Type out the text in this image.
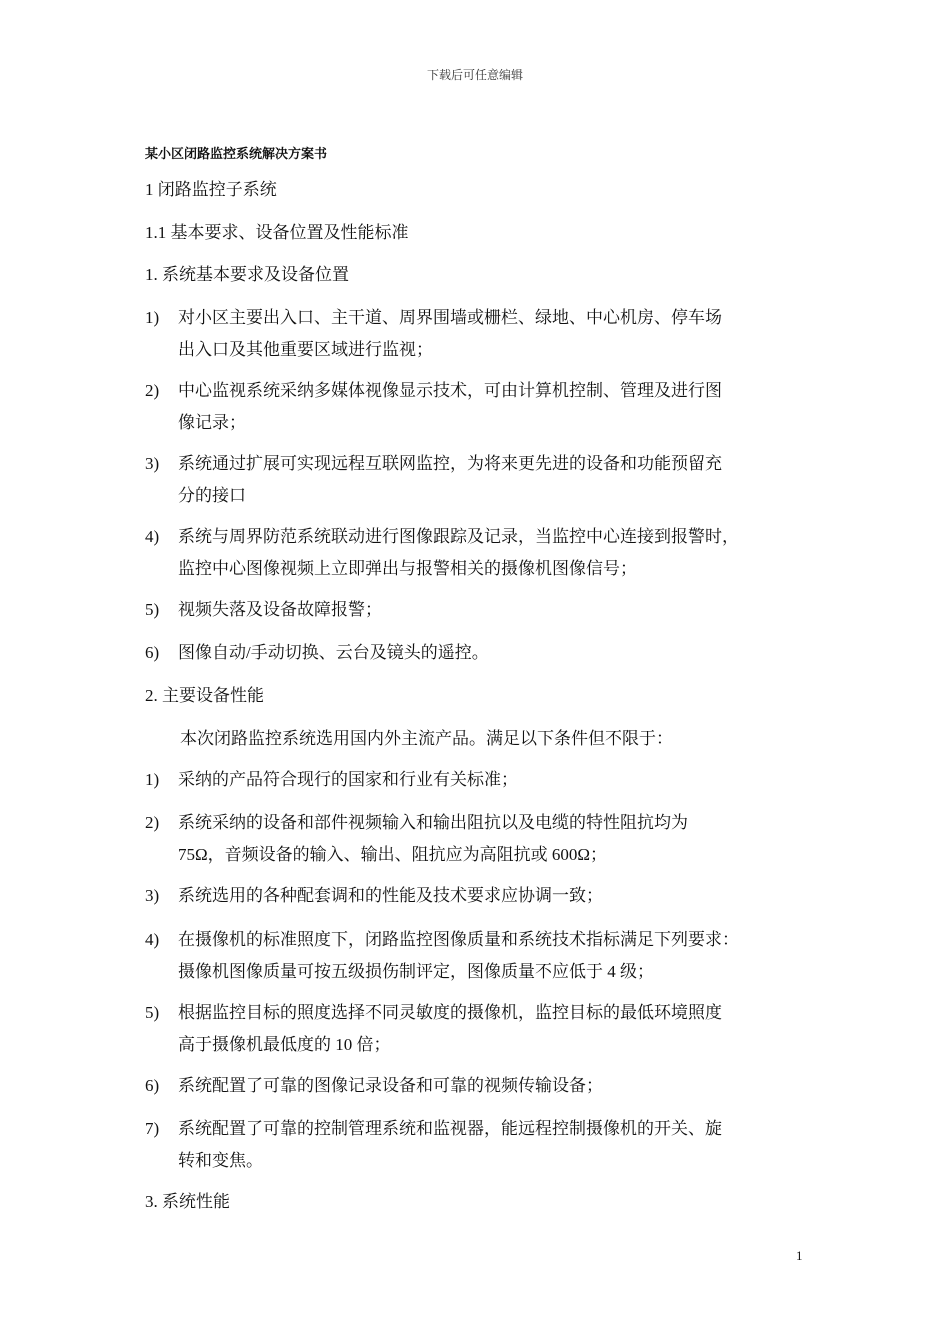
下载后可任意编辑
某小区闭路监控系统解决方案书
1 闭路监控子系统
1.1 基本要求、设备位置及性能标准
1. 系统基本要求及设备位置
1) 对小区主要出入口、主干道、周界围墙或栅栏、绿地、中心机房、停车场
出入口及其他重要区域进行监视；
2) 中心监视系统采纳多媒体视像显示技术，可由计算机控制、管理及进行图
像记录；
3) 系统通过扩展可实现远程互联网监控，为将来更先进的设备和功能预留充
分的接口
4) 系统与周界防范系统联动进行图像跟踪及记录，当监控中心连接到报警时，
监控中心图像视频上立即弹出与报警相关的摄像机图像信号；
5) 视频失落及设备故障报警；
6) 图像自动/手动切换、云台及镜头的遥控。
2. 主要设备性能
本次闭路监控系统选用国内外主流产品。满足以下条件但不限于：
1) 采纳的产品符合现行的国家和行业有关标准；
2) 系统采纳的设备和部件视频输入和输出阻抗以及电缆的特性阻抗均为
75Ω，音频设备的输入、输出、阻抗应为高阻抗或 600Ω；
3) 系统选用的各种配套调和的性能及技术要求应协调一致；
4) 在摄像机的标准照度下，闭路监控图像质量和系统技术指标满足下列要求：
摄像机图像质量可按五级损伤制评定，图像质量不应低于 4 级；
5) 根据监控目标的照度选择不同灵敏度的摄像机，监控目标的最低环境照度
高于摄像机最低度的 10 倍；
6) 系统配置了可靠的图像记录设备和可靠的视频传输设备；
7) 系统配置了可靠的控制管理系统和监视器，能远程控制摄像机的开关、旋
转和变焦。
3. 系统性能
1
